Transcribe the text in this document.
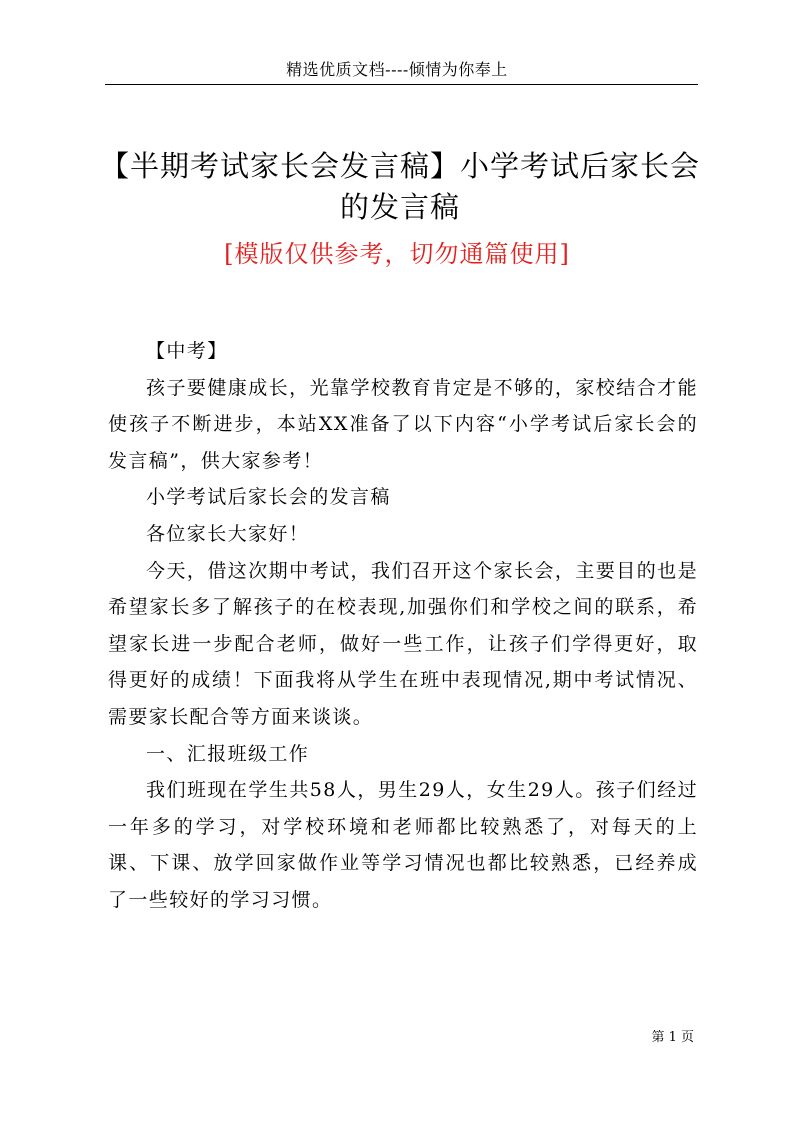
精选优质文档----倾情为你奉上
【半期考试家长会发言稿】小学考试后家长会的发言稿
[模版仅供参考，切勿通篇使用]

【中考】

孩子要健康成长，光靠学校教育肯定是不够的，家校结合才能使孩子不断进步，本站XX准备了以下内容“小学考试后家长会的发言稿”，供大家参考！

小学考试后家长会的发言稿

各位家长大家好！

今天，借这次期中考试，我们召开这个家长会，主要目的也是希望家长多了解孩子的在校表现,加强你们和学校之间的联系，希望家长进一步配合老师，做好一些工作，让孩子们学得更好，取得更好的成绩！下面我将从学生在班中表现情况,期中考试情况、需要家长配合等方面来谈谈。

一、汇报班级工作

我们班现在学生共58人，男生29人，女生29人。孩子们经过一年多的学习，对学校环境和老师都比较熟悉了，对每天的上课、下课、放学回家做作业等学习情况也都比较熟悉，已经养成了一些较好的学习习惯。

第 1 页
